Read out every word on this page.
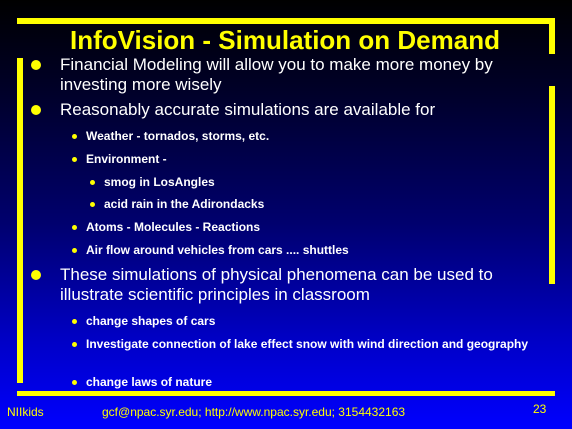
InfoVision - Simulation on Demand

Financial Modeling will allow you to make more money by investing more wisely

Reasonably accurate simulations are available for

Weather - tornados, storms, etc.

Environment -

smog in LosAngles

acid rain in the Adirondacks

Atoms - Molecules - Reactions

Air flow around vehicles from cars .... shuttles

These simulations of physical phenomena can be used to illustrate scientific principles in classroom

change shapes of cars

Investigate connection of lake effect snow with wind direction and geography

change laws of nature

NIIkids	gcf@npac.syr.edu; http://www.npac.syr.edu; 3154432163	23
